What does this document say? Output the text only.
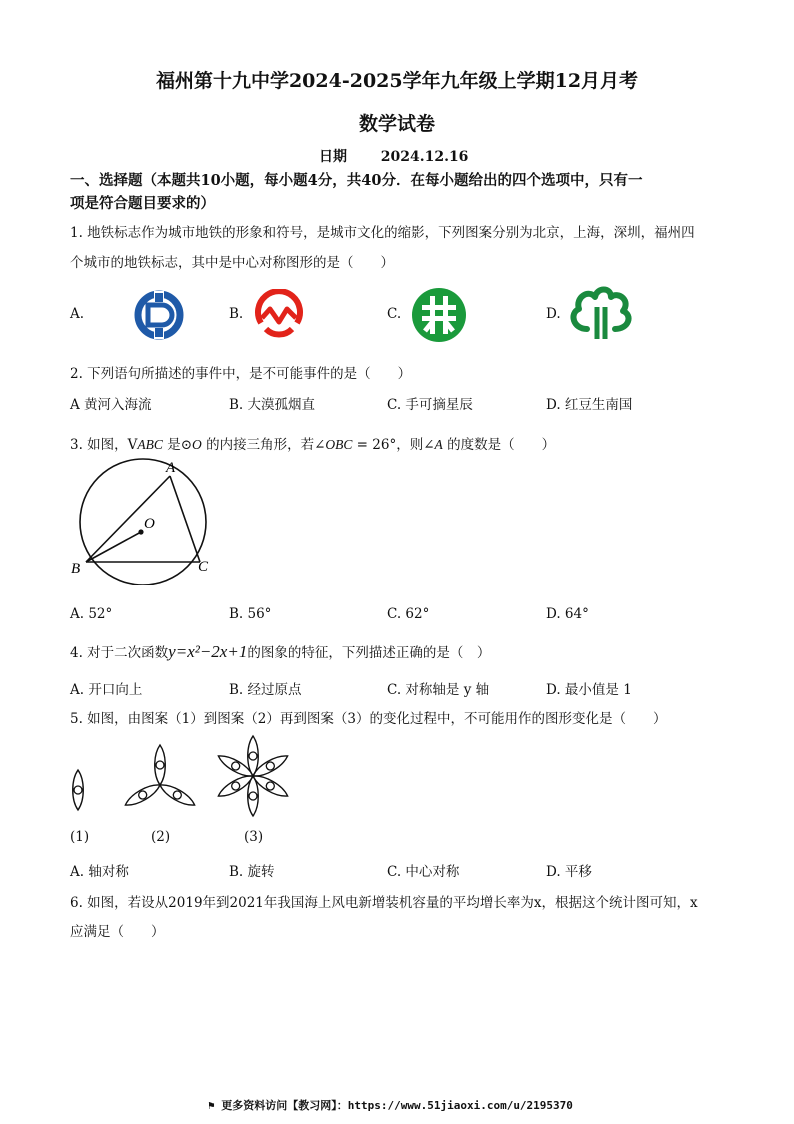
福州第十九中学2024-2025学年九年级上学期12月月考
数学试卷
日期 2024.12.16
一、选择题（本题共10小题，每小题4分，共40分．在每小题给出的四个选项中，只有一
项是符合题目要求的）
1. 地铁标志作为城市地铁的形象和符号，是城市文化的缩影，下列图案分别为北京，上海，深圳，福州四
个城市的地铁标志，其中是中心对称图形的是（　　）
A.	B.	C.	D.
2. 下列语句所描述的事件中，是不可能事件的是（　　）
A 黄河入海流	B. 大漠孤烟直	C. 手可摘星辰	D. 红豆生南国
3. 如图，VABC 是⊙O 的内接三角形，若∠OBC = 26°，则∠A 的度数是（　　）
A
O
B	C
A. 52°	B. 56°	C. 62°	D. 64°
4. 对于二次函数y=x²−2x+1的图象的特征，下列描述正确的是（　）
A. 开口向上	B. 经过原点	C. 对称轴是 y 轴	D. 最小值是 1
5. 如图，由图案（1）到图案（2）再到图案（3）的变化过程中，不可能用作的图形变化是（　　）
(1)	(2)	(3)
A. 轴对称	B. 旋转	C. 中心对称	D. 平移
6. 如图，若设从2019年到2021年我国海上风电新增装机容量的平均增长率为x，根据这个统计图可知，x
应满足（　　）
⚑ 更多资料访问【教习网】：https://www.51jiaoxi.com/u/2195370
